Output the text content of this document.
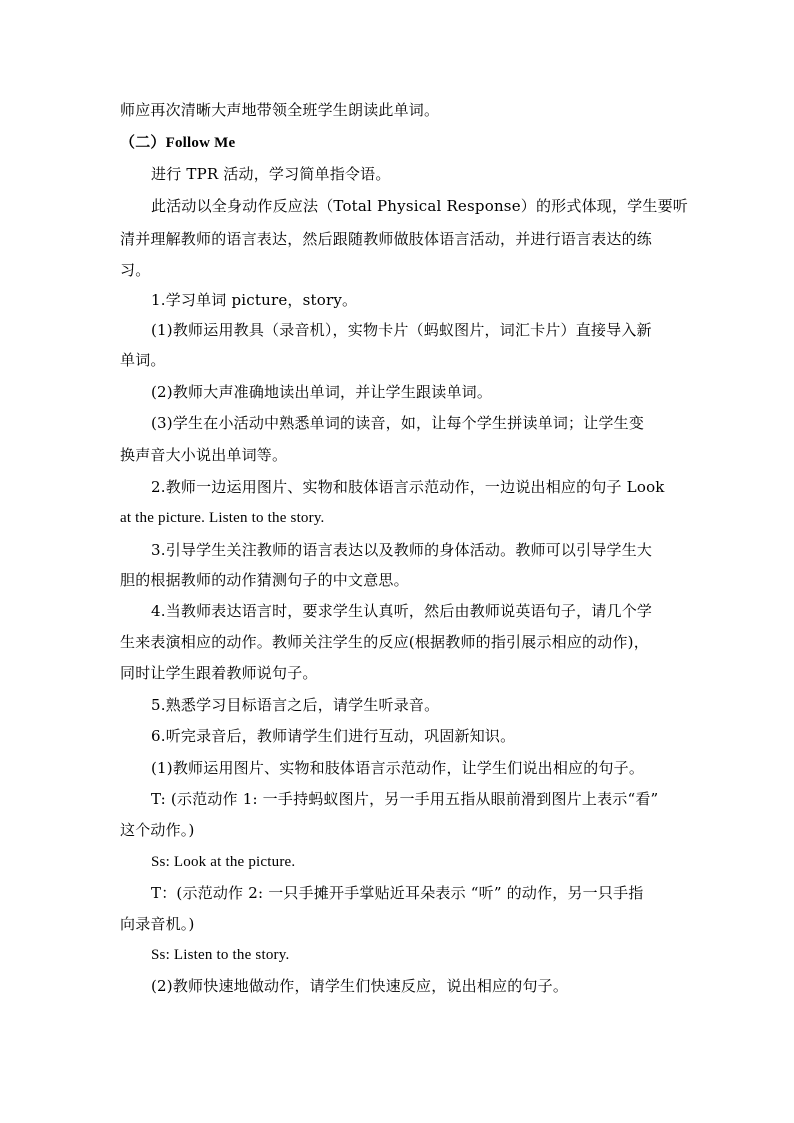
师应再次清晰大声地带领全班学生朗读此单词。
（二）Follow Me
进行 TPR 活动，学习简单指令语。
此活动以全身动作反应法（Total Physical Response）的形式体现，学生要听
清并理解教师的语言表达，然后跟随教师做肢体语言活动，并进行语言表达的练
习。
1.学习单词 picture，story。
(1)教师运用教具（录音机），实物卡片（蚂蚁图片，词汇卡片）直接导入新
单词。
(2)教师大声准确地读出单词，并让学生跟读单词。
(3)学生在小活动中熟悉单词的读音，如，让每个学生拼读单词；让学生变
换声音大小说出单词等。
2.教师一边运用图片、实物和肢体语言示范动作，一边说出相应的句子 Look
at the picture. Listen to the story.
3.引导学生关注教师的语言表达以及教师的身体活动。教师可以引导学生大
胆的根据教师的动作猜测句子的中文意思。
4.当教师表达语言时，要求学生认真听，然后由教师说英语句子，请几个学
生来表演相应的动作。教师关注学生的反应(根据教师的指引展示相应的动作)，
同时让学生跟着教师说句子。
5.熟悉学习目标语言之后，请学生听录音。
6.听完录音后，教师请学生们进行互动，巩固新知识。
(1)教师运用图片、实物和肢体语言示范动作，让学生们说出相应的句子。
T: (示范动作 1: 一手持蚂蚁图片，另一手用五指从眼前滑到图片上表示“看”
这个动作。)
Ss: Look at the picture.
T：(示范动作 2: 一只手摊开手掌贴近耳朵表示 “听” 的动作，另一只手指
向录音机。)
Ss: Listen to the story.
(2)教师快速地做动作，请学生们快速反应，说出相应的句子。
